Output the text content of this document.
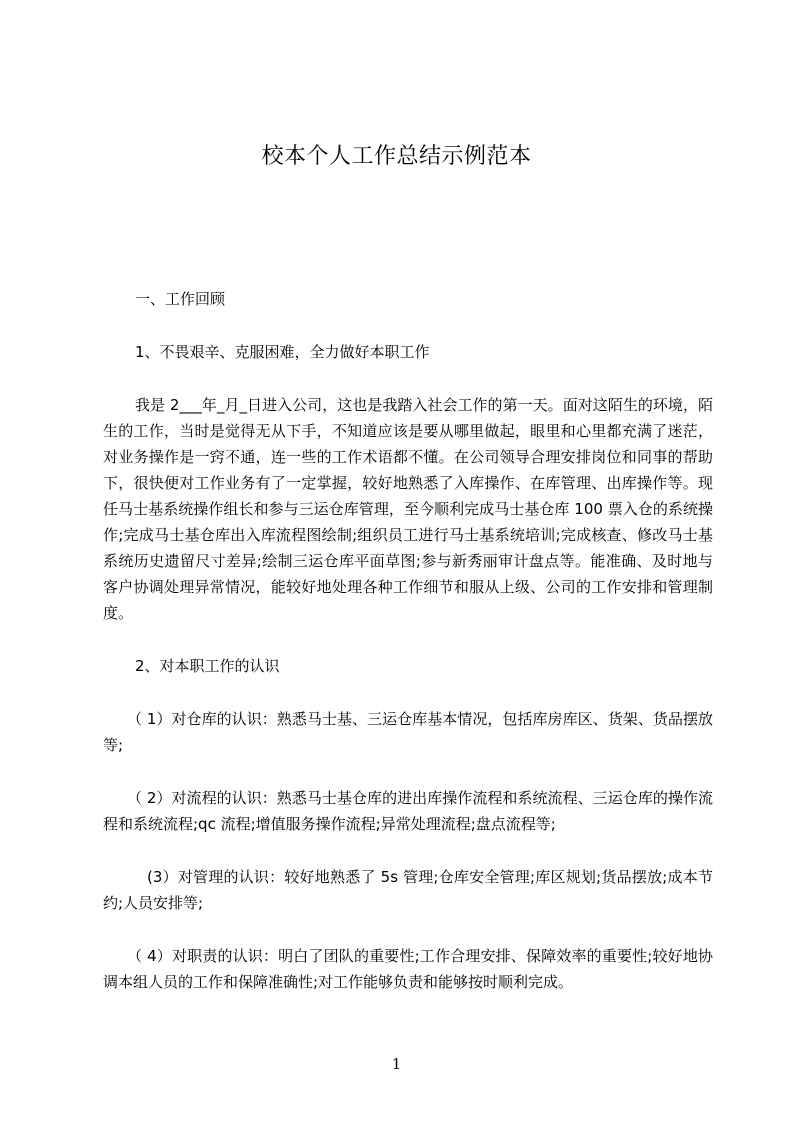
校本个人工作总结示例范本

一、工作回顾

1、不畏艰辛、克服困难，全力做好本职工作

我是 2___年_月_日进入公司，这也是我踏入社会工作的第一天。面对这陌生的环境，陌生的工作，当时是觉得无从下手，不知道应该是要从哪里做起，眼里和心里都充满了迷茫，对业务操作是一窍不通，连一些的工作术语都不懂。在公司领导合理安排岗位和同事的帮助下，很快便对工作业务有了一定掌握，较好地熟悉了入库操作、在库管理、出库操作等。现任马士基系统操作组长和参与三运仓库管理，至今顺利完成马士基仓库 100 票入仓的系统操作;完成马士基仓库出入库流程图绘制;组织员工进行马士基系统培训;完成核查、修改马士基系统历史遗留尺寸差异;绘制三运仓库平面草图;参与新秀丽审计盘点等。能准确、及时地与客户协调处理异常情况，能较好地处理各种工作细节和服从上级、公司的工作安排和管理制度。

2、对本职工作的认识

（ 1）对仓库的认识：熟悉马士基、三运仓库基本情况，包括库房库区、货架、货品摆放等;

（ 2）对流程的认识：熟悉马士基仓库的进出库操作流程和系统流程、三运仓库的操作流程和系统流程;qc 流程;增值服务操作流程;异常处理流程;盘点流程等;

(3）对管理的认识：较好地熟悉了 5s 管理;仓库安全管理;库区规划;货品摆放;成本节约;人员安排等;

（ 4）对职责的认识：明白了团队的重要性;工作合理安排、保障效率的重要性;较好地协调本组人员的工作和保障准确性;对工作能够负责和能够按时顺利完成。

1
